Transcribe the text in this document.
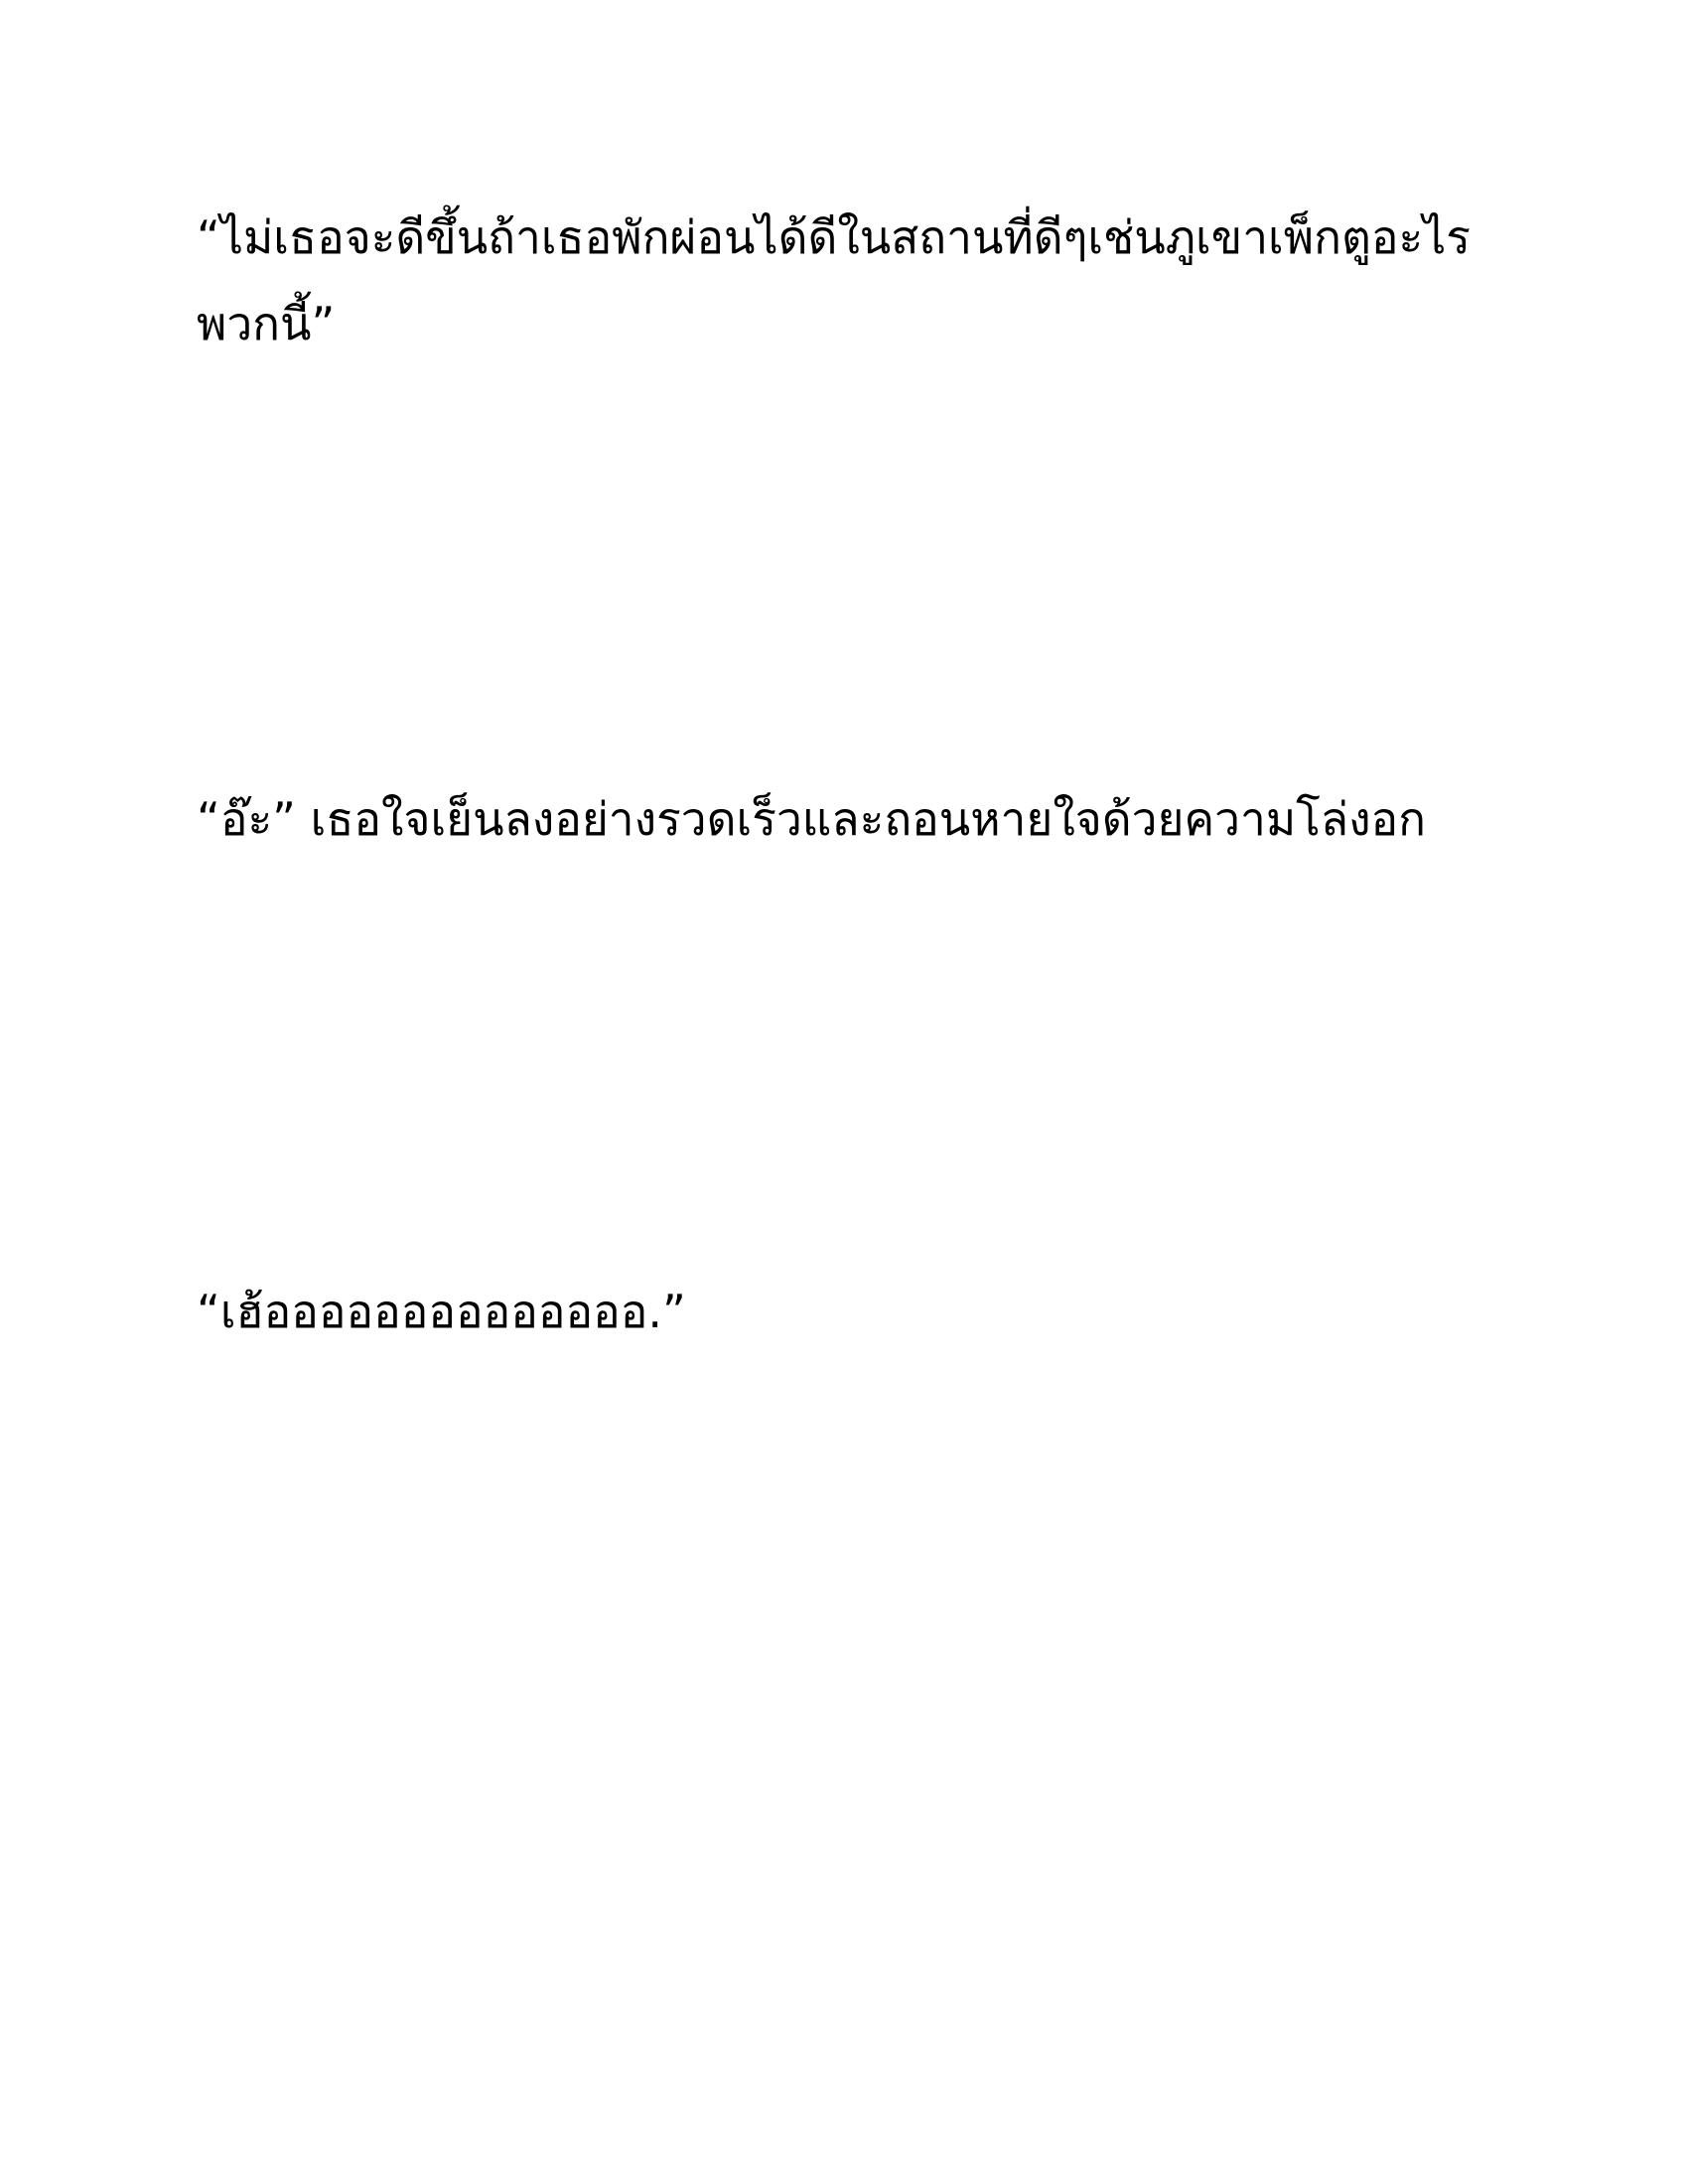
“ไม่เธอจะดีขึ้นถ้าเธอพักผ่อนได้ดีในสถานที่ดีๆเช่นภูเขาเพ็กตูอะไรพวกนี้”

“อ๊ะ” เธอใจเย็นลงอย่างรวดเร็วและถอนหายใจด้วยความโล่งอก

“เฮ้ออออออออออออออ.”
